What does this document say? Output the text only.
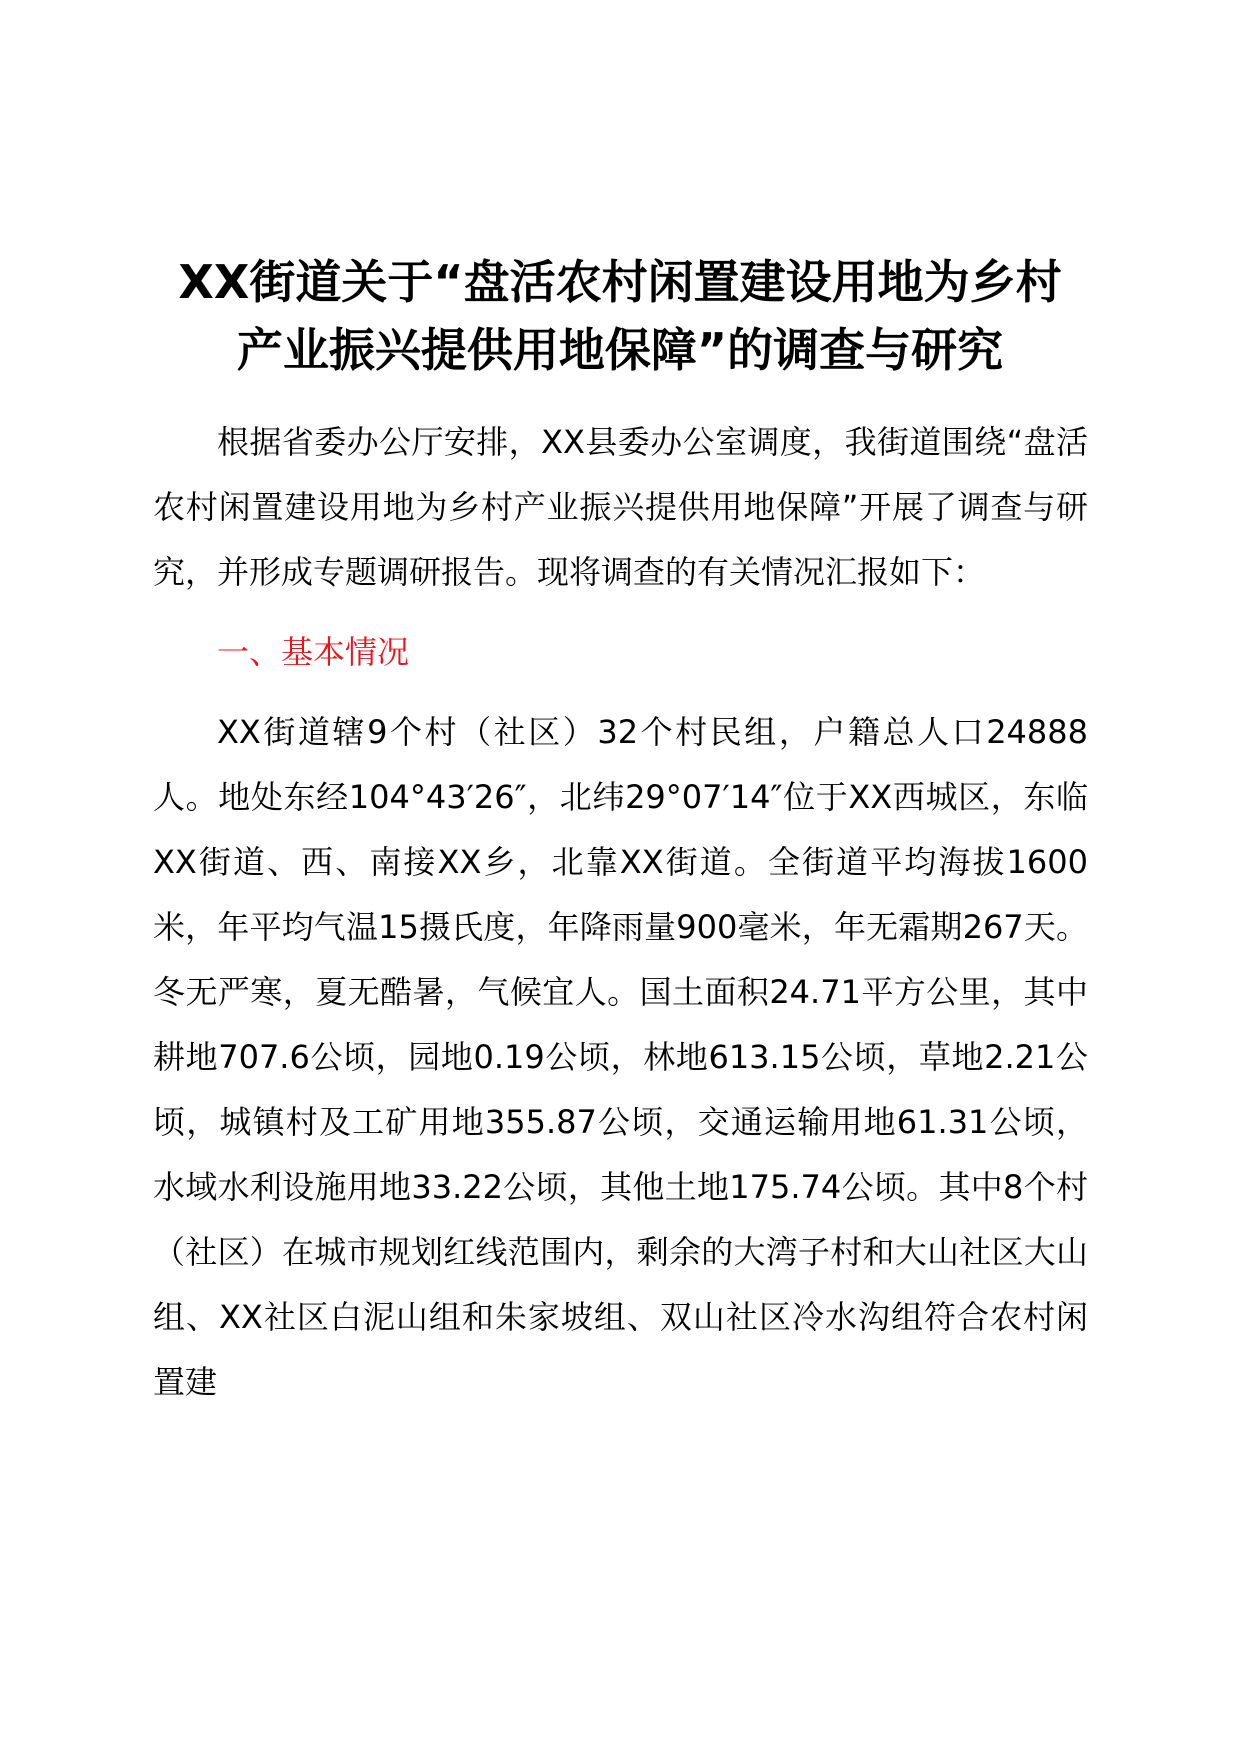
XX街道关于“盘活农村闲置建设用地为乡村
产业振兴提供用地保障”的调查与研究

根据省委办公厅安排，XX县委办公室调度，我街道围绕“盘活农村闲置建设用地为乡村产业振兴提供用地保障”开展了调查与研究，并形成专题调研报告。现将调查的有关情况汇报如下：

一、基本情况

XX街道辖9个村（社区）32个村民组，户籍总人口24888人。地处东经104°43′26″，北纬29°07′14″位于XX西城区，东临XX街道、西、南接XX乡，北靠XX街道。全街道平均海拔1600米，年平均气温15摄氏度，年降雨量900毫米，年无霜期267天。冬无严寒，夏无酷暑，气候宜人。国土面积24.71平方公里，其中耕地707.6公顷，园地0.19公顷，林地613.15公顷，草地2.21公顷，城镇村及工矿用地355.87公顷，交通运输用地61.31公顷，水域水利设施用地33.22公顷，其他土地175.74公顷。其中8个村（社区）在城市规划红线范围内，剩余的大湾子村和大山社区大山组、XX社区白泥山组和朱家坡组、双山社区冷水沟组符合农村闲置建
